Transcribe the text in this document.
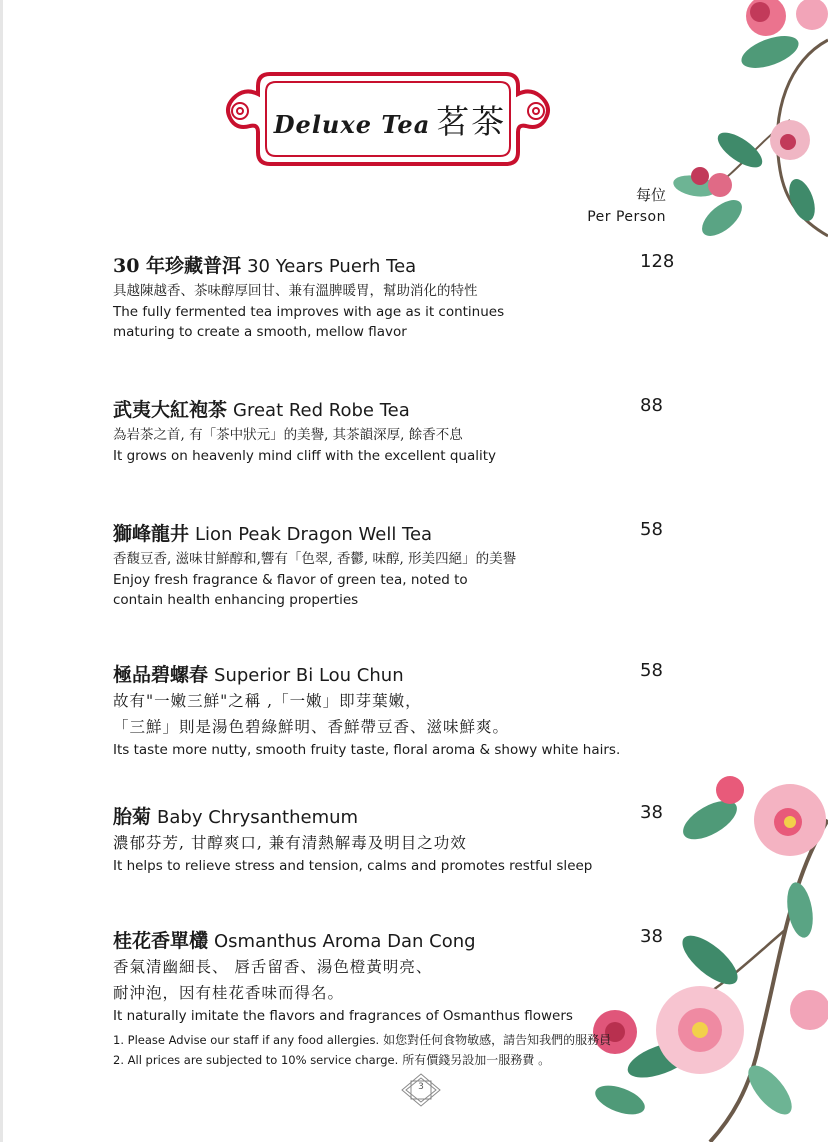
Deluxe Tea 茗茶
每位
Per Person
30 年珍藏普洱 30 Years Puerh Tea	128
具越陳越香、茶味醇厚回甘、兼有溫脾暖胃，幫助消化的特性
The fully fermented tea improves with age as it continues
maturing to create a smooth, mellow flavor
武夷大紅袍茶 Great Red Robe Tea	88
為岩茶之首, 有「茶中狀元」的美譽, 其茶韻深厚, 餘香不息
It grows on heavenly mind cliff with the excellent quality
獅峰龍井 Lion Peak Dragon Well Tea	58
香馥豆香, 滋味甘鮮醇和,響有「色翠, 香鬱, 味醇, 形美四絕」的美譽
Enjoy fresh fragrance & flavor of green tea, noted to
contain health enhancing properties
極品碧螺春 Superior Bi Lou Chun	58
故有"一嫩三鮮"之稱 ,「一嫩」即芽葉嫩，
「三鮮」則是湯色碧綠鮮明、香鮮帶豆香、滋味鮮爽。
Its taste more nutty, smooth fruity taste, floral aroma & showy white hairs.
胎菊 Baby Chrysanthemum	38
濃郁芬芳, 甘醇爽口, 兼有清熱解毒及明目之功效
It helps to relieve stress and tension, calms and promotes restful sleep
桂花香單欉 Osmanthus Aroma Dan Cong	38
香氣清幽細長、 唇舌留香、湯色橙黃明亮、
耐沖泡，因有桂花香味而得名。
It naturally imitate the flavors and fragrances of Osmanthus flowers
1. Please Advise our staff if any food allergies. 如您對任何食物敏感，請告知我們的服務員
2. All prices are subjected to 10% service charge. 所有價錢另設加一服務費 。
3
